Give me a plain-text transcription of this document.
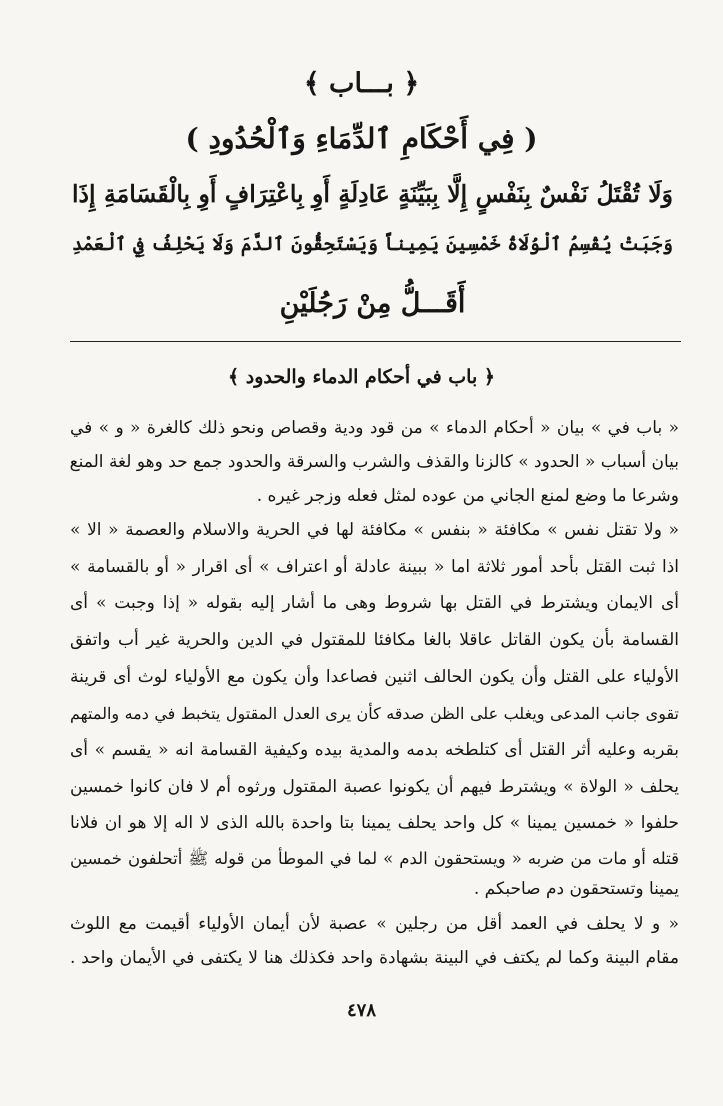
﴿ بـــاب ﴾
( فِي أَحْكَامِ ٱلدِّمَاءِ وَٱلْحُدُودِ )
وَلَا تُقْتَلُ نَفْسٌ بِنَفْسٍ إِلَّا بِبَيِّنَةٍ عَادِلَةٍ أَوِ بِاعْتِرَافٍ أَوِ بِالْقَسَامَةِ إِذَا
وَجَبَتْ يُقْسِمُ ٱلْوُلَاةُ خَمْسِينَ يَمِيناً وَيَسْتَحِقُّونَ ٱلدَّمَ وَلَا يَحْلِفُ فِي ٱلْعَمْدِ
أَقَـــلُّ مِنْ رَجُلَيْنِ
﴿ باب في أحكام الدماء والحدود ﴾
« باب في » بيان « أحكام الدماء » من قود ودية وقصاص ونحو ذلك كالغرة « و » في
بيان أسباب « الحدود » كالزنا والقذف والشرب والسرقة والحدود جمع حد وهو لغة المنع
وشرعا ما وضع لمنع الجاني من عوده لمثل فعله وزجر غيره .
« ولا تقتل نفس » مكافئة « بنفس » مكافئة لها في الحرية والاسلام والعصمة « الا »
اذا ثبت القتل بأحد أمور ثلاثة اما « ببينة عادلة أو اعتراف » أى اقرار « أو بالقسامة »
أى الايمان ويشترط في القتل بها شروط وهى ما أشار إليه بقوله « إذا وجبت » أى
القسامة بأن يكون القاتل عاقلا بالغا مكافئا للمقتول في الدين والحرية غير أب واتفق
الأولياء على القتل وأن يكون الحالف اثنين فصاعدا وأن يكون مع الأولياء لوث أى قرينة
تقوى جانب المدعى ويغلب على الظن صدقه كأن يرى العدل المقتول يتخبط في دمه والمتهم
بقربه وعليه أثر القتل أى كتلطخه بدمه والمدية بيده وكيفية القسامة انه « يقسم » أى
يحلف « الولاة » ويشترط فيهم أن يكونوا عصبة المقتول ورثوه أم لا فان كانوا خمسين
حلفوا « خمسين يمينا » كل واحد يحلف يمينا بتا واحدة بالله الذى لا اله إلا هو ان فلانا
قتله أو مات من ضربه « ويستحقون الدم » لما في الموطأ من قوله ﷺ أتحلفون خمسين
يمينا وتستحقون دم صاحبكم .
« و لا يحلف في العمد أقل من رجلين » عصبة لأن أيمان الأولياء أقيمت مع اللوث
مقام البينة وكما لم يكتف في البينة بشهادة واحد فكذلك هنا لا يكتفى في الأيمان واحد .
٤٧٨
